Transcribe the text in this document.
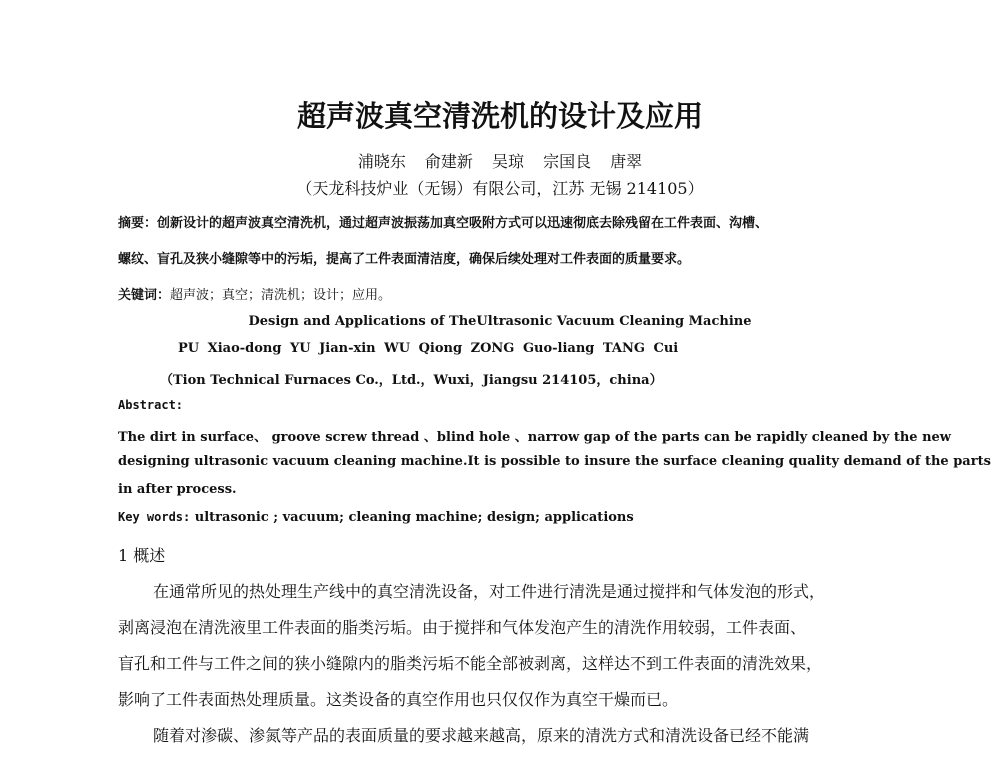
超声波真空清洗机的设计及应用
浦晓东 俞建新 吴琼 宗国良 唐翠
（天龙科技炉业（无锡）有限公司，江苏 无锡 214105）
摘要：创新设计的超声波真空清洗机，通过超声波振荡加真空吸附方式可以迅速彻底去除残留在工件表面、沟槽、
螺纹、盲孔及狭小缝隙等中的污垢，提高了工件表面清洁度，确保后续处理对工件表面的质量要求。
关键词：超声波；真空；清洗机；设计；应用。
Design and Applications of TheUltrasonic Vacuum Cleaning Machine
PU Xiao-dong YU Jian-xin WU Qiong ZONG Guo-liang TANG Cui
（Tion Technical Furnaces Co.，Ltd.，Wuxi，Jiangsu 214105，china）
Abstract:
The dirt in surface、 groove screw thread 、blind hole 、narrow gap of the parts can be rapidly cleaned by the new
designing ultrasonic vacuum cleaning machine.It is possible to insure the surface cleaning quality demand of the parts
in after process.
Key words: ultrasonic ; vacuum; cleaning machine; design; applications
1 概述
在通常所见的热处理生产线中的真空清洗设备，对工件进行清洗是通过搅拌和气体发泡的形式，
剥离浸泡在清洗液里工件表面的脂类污垢。由于搅拌和气体发泡产生的清洗作用较弱，工件表面、
盲孔和工件与工件之间的狭小缝隙内的脂类污垢不能全部被剥离，这样达不到工件表面的清洗效果，
影响了工件表面热处理质量。这类设备的真空作用也只仅仅作为真空干燥而已。
随着对渗碳、渗氮等产品的表面质量的要求越来越高，原来的清洗方式和清洗设备已经不能满
